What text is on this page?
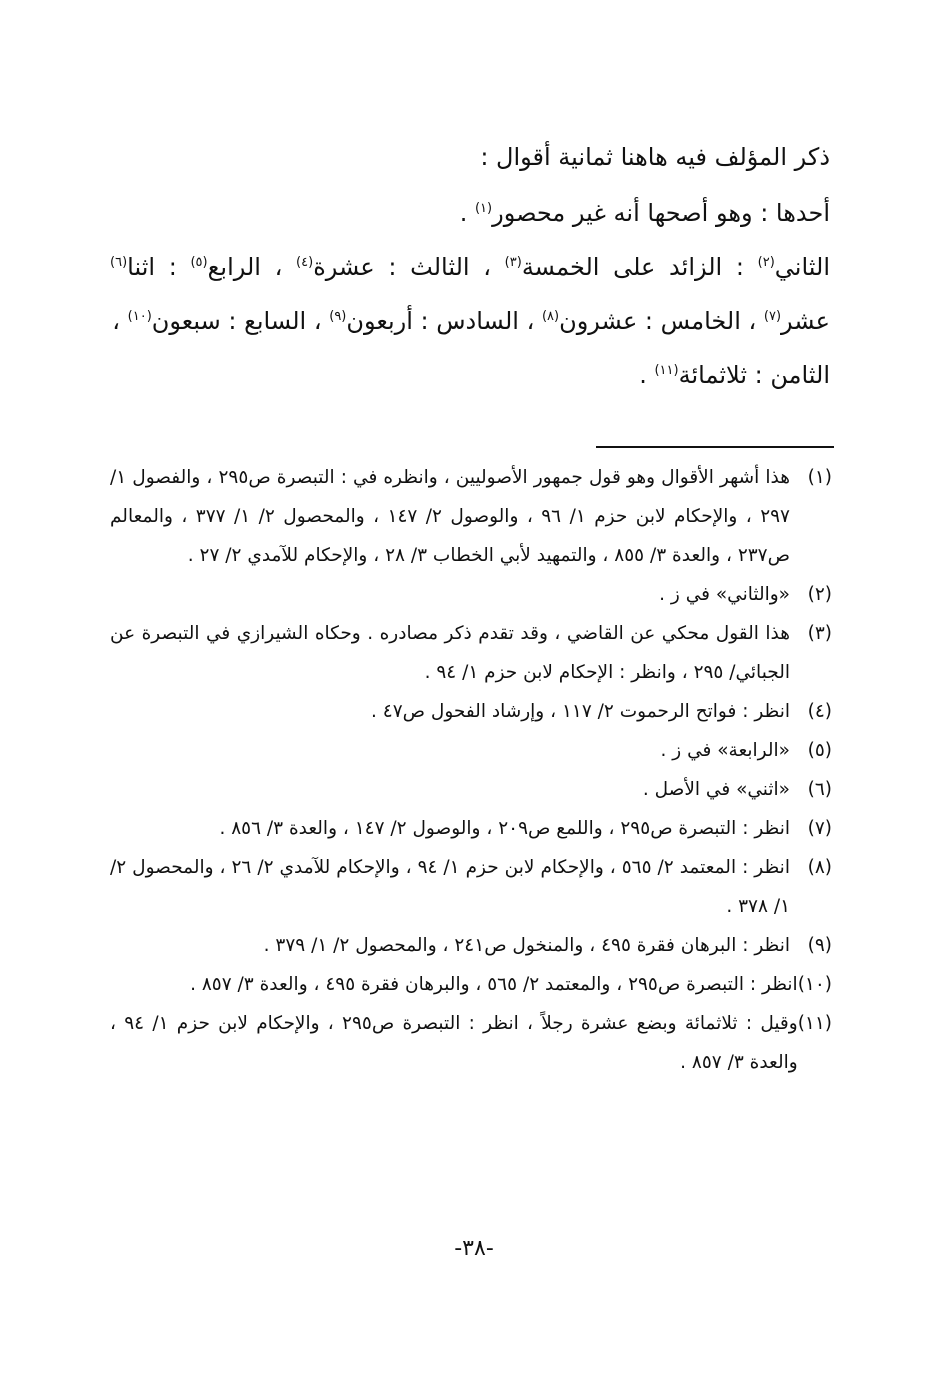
ذكر المؤلف فيه هاهنا ثمانية أقوال :

أحدها : وهو أصحها أنه غير محصور$^{(١)}$ .

الثاني$^{(٢)}$ : الزائد على الخمسة$^{(٣)}$ ، الثالث : عشرة$^{(٤)}$ ، الرابع$^{(٥)}$ : اثنا$^{(٦)}$ عشر$^{(٧)}$ ، الخامس : عشرون$^{(٨)}$ ، السادس : أربعون$^{(٩)}$ ، السابع : سبعون$^{(١٠)}$ ،

الثامن : ثلاثمائة$^{(١١)}$ .

(١)
هذا أشهر الأقوال وهو قول جمهور الأصوليين ، وانظره في : التبصرة ص٢٩٥ ، والفصول ١/ ٢٩٧ ، والإحكام لابن حزم ١/ ٩٦ ، والوصول ٢/ ١٤٧ ، والمحصول ٢/ ١/ ٣٧٧ ، والمعالم ص٢٣٧ ، والعدة ٣/ ٨٥٥ ، والتمهيد لأبي الخطاب ٣/ ٢٨ ، والإحكام للآمدي ٢/ ٢٧ .
(٢)
«والثاني» في ز .
(٣)
هذا القول محكي عن القاضي ، وقد تقدم ذكر مصادره . وحكاه الشيرازي في التبصرة عن الجبائي/ ٢٩٥ ، وانظر : الإحكام لابن حزم ١/ ٩٤ .
(٤)
انظر : فواتح الرحموت ٢/ ١١٧ ، وإرشاد الفحول ص٤٧ .
(٥)
«الرابعة» في ز .
(٦)
«اثني» في الأصل .
(٧)
انظر : التبصرة ص٢٩٥ ، واللمع ص٢٠٩ ، والوصول ٢/ ١٤٧ ، والعدة ٣/ ٨٥٦ .
(٨)
انظر : المعتمد ٢/ ٥٦٥ ، والإحكام لابن حزم ١/ ٩٤ ، والإحكام للآمدي ٢/ ٢٦ ، والمحصول ٢/ ١/ ٣٧٨ .
(٩)
انظر : البرهان فقرة ٤٩٥ ، والمنخول ص٢٤١ ، والمحصول ٢/ ١/ ٣٧٩ .
(١٠)
انظر : التبصرة ص٢٩٥ ، والمعتمد ٢/ ٥٦٥ ، والبرهان فقرة ٤٩٥ ، والعدة ٣/ ٨٥٧ .
(١١)
وقيل : ثلاثمائة وبضع عشرة رجلاً ، انظر : التبصرة ص٢٩٥ ، والإحكام لابن حزم ١/ ٩٤ ، والعدة ٣/ ٨٥٧ .
-٣٨-
